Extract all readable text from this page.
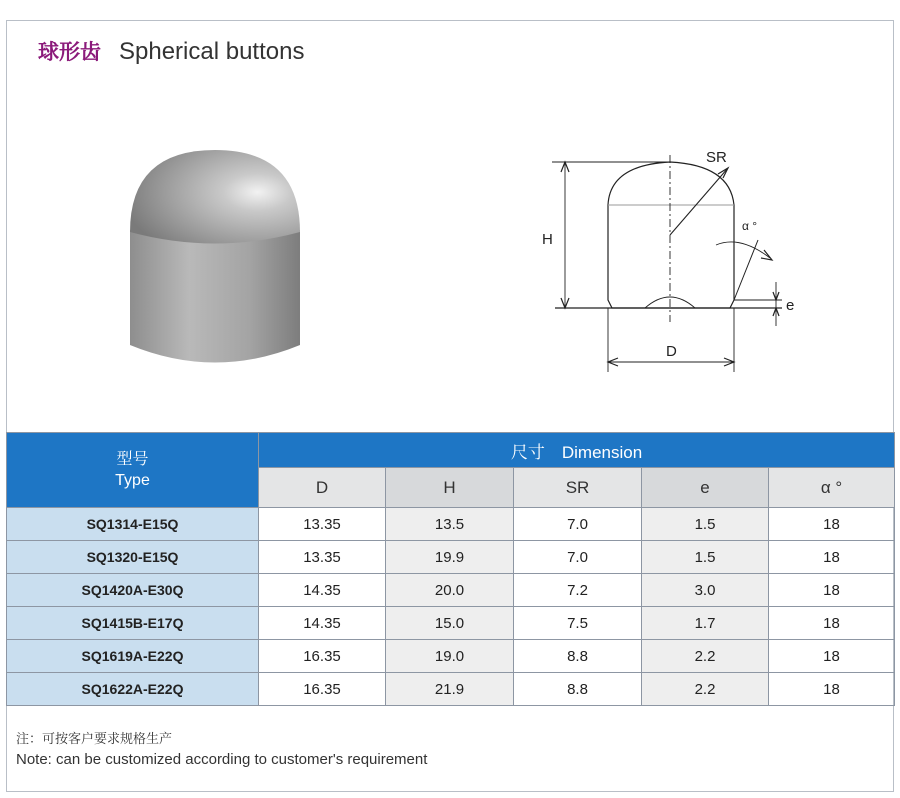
球形齿 Spherical buttons
SR
H
D
e
α °
型号
Type	尺寸　Dimension				
	D	H	SR	e	α °
SQ1314-E15Q	13.35	13.5	7.0	1.5	18
SQ1320-E15Q	13.35	19.9	7.0	1.5	18
SQ1420A-E30Q	14.35	20.0	7.2	3.0	18
SQ1415B-E17Q	14.35	15.0	7.5	1.7	18
SQ1619A-E22Q	16.35	19.0	8.8	2.2	18
SQ1622A-E22Q	16.35	21.9	8.8	2.2	18
注：可按客户要求规格生产
Note: can be customized according to customer's requirement
